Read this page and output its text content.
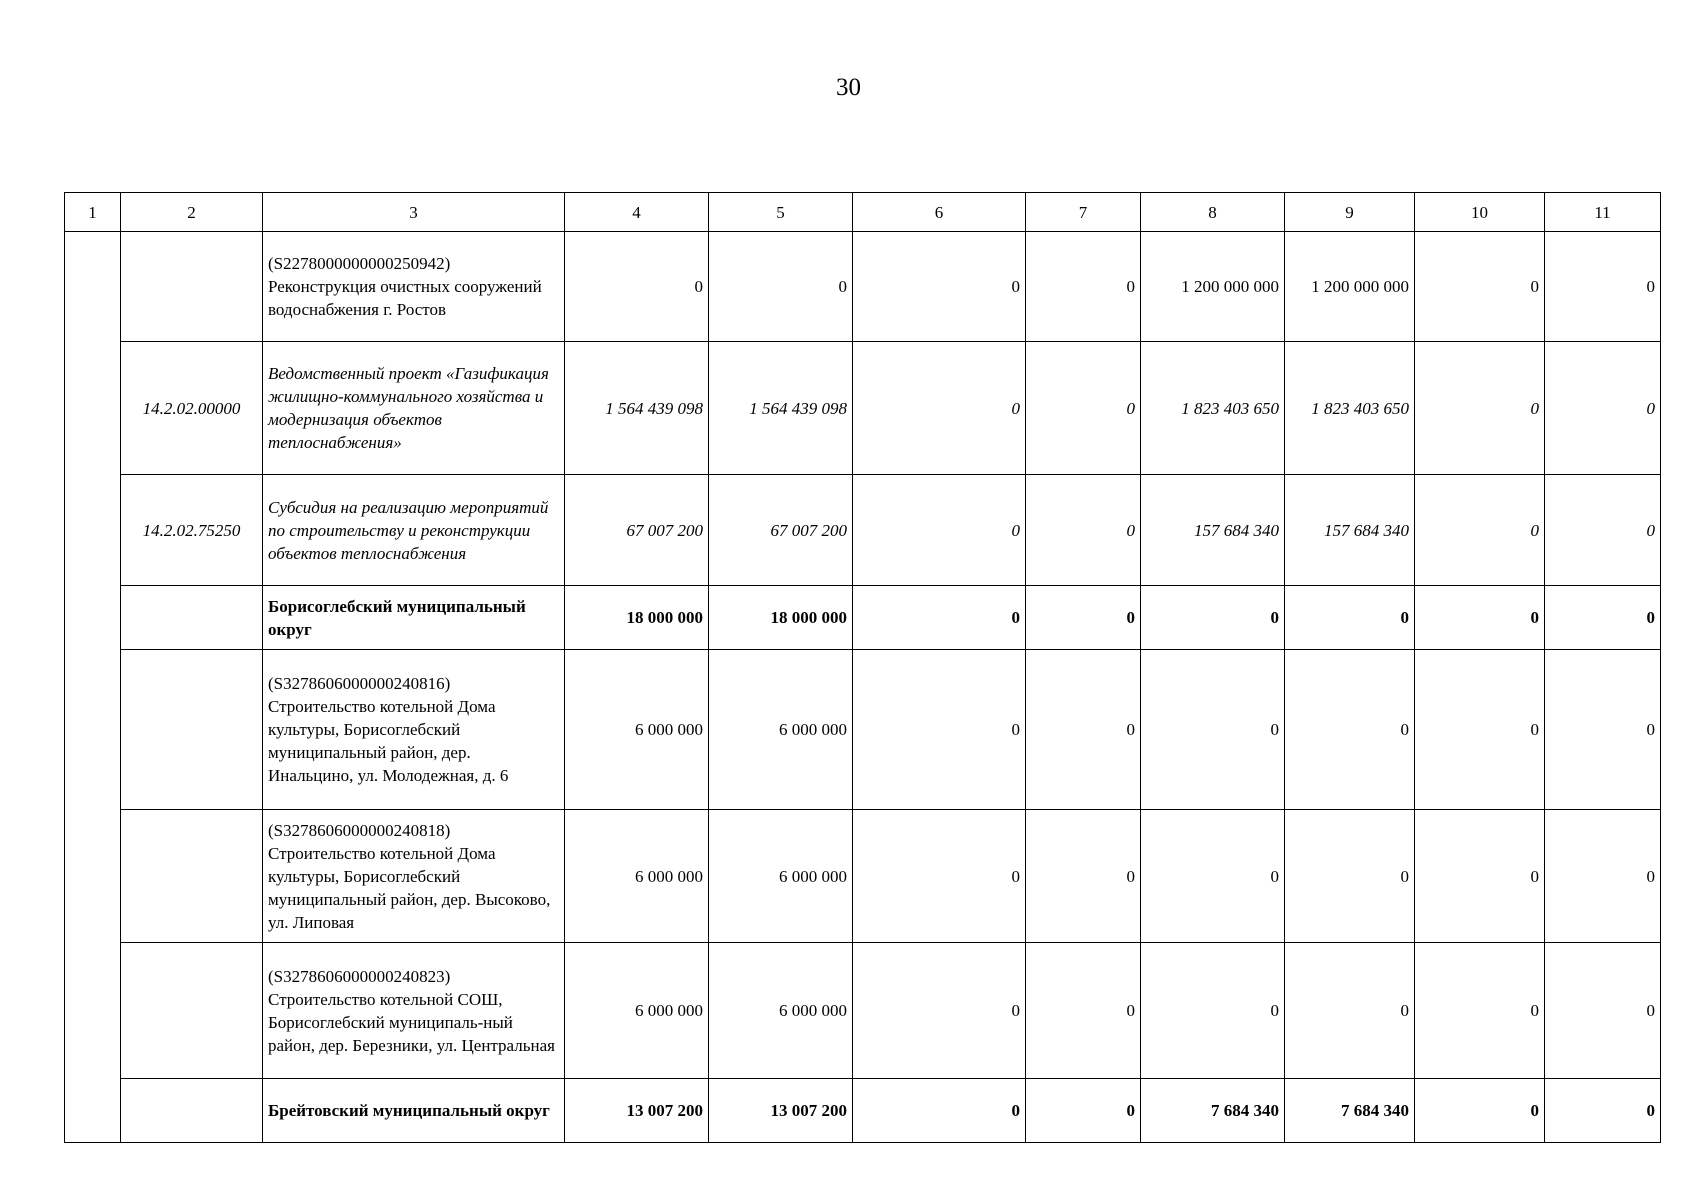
30
1	2	3	4	5	6	7	8	9	10	11
		(S2278000000000250942) Реконструкция очистных сооружений водоснабжения г. Ростов	0	0	0	0	1 200 000 000	1 200 000 000	0	0
	14.2.02.00000	Ведомственный проект «Газификация жилищно-коммунального хозяйства и модернизация объектов теплоснабжения»	1 564 439 098	1 564 439 098	0	0	1 823 403 650	1 823 403 650	0	0
	14.2.02.75250	Субсидия на реализацию мероприятий по строительству и реконструкции объектов теплоснабжения	67 007 200	67 007 200	0	0	157 684 340	157 684 340	0	0
		Борисоглебский муниципальный округ	18 000 000	18 000 000	0	0	0	0	0	0
		(S3278606000000240816) Строительство котельной Дома культуры, Борисоглебский муниципальный район, дер. Инальцино, ул. Молодежная, д. 6	6 000 000	6 000 000	0	0	0	0	0	0
		(S3278606000000240818) Строительство котельной Дома культуры, Борисоглебский муниципальный район, дер. Высоково, ул. Липовая	6 000 000	6 000 000	0	0	0	0	0	0
		(S3278606000000240823) Строительство котельной СОШ, Борисоглебский муниципаль-ный район, дер. Березники, ул. Центральная	6 000 000	6 000 000	0	0	0	0	0	0
		Брейтовский муниципальный округ	13 007 200	13 007 200	0	0	7 684 340	7 684 340	0	0
